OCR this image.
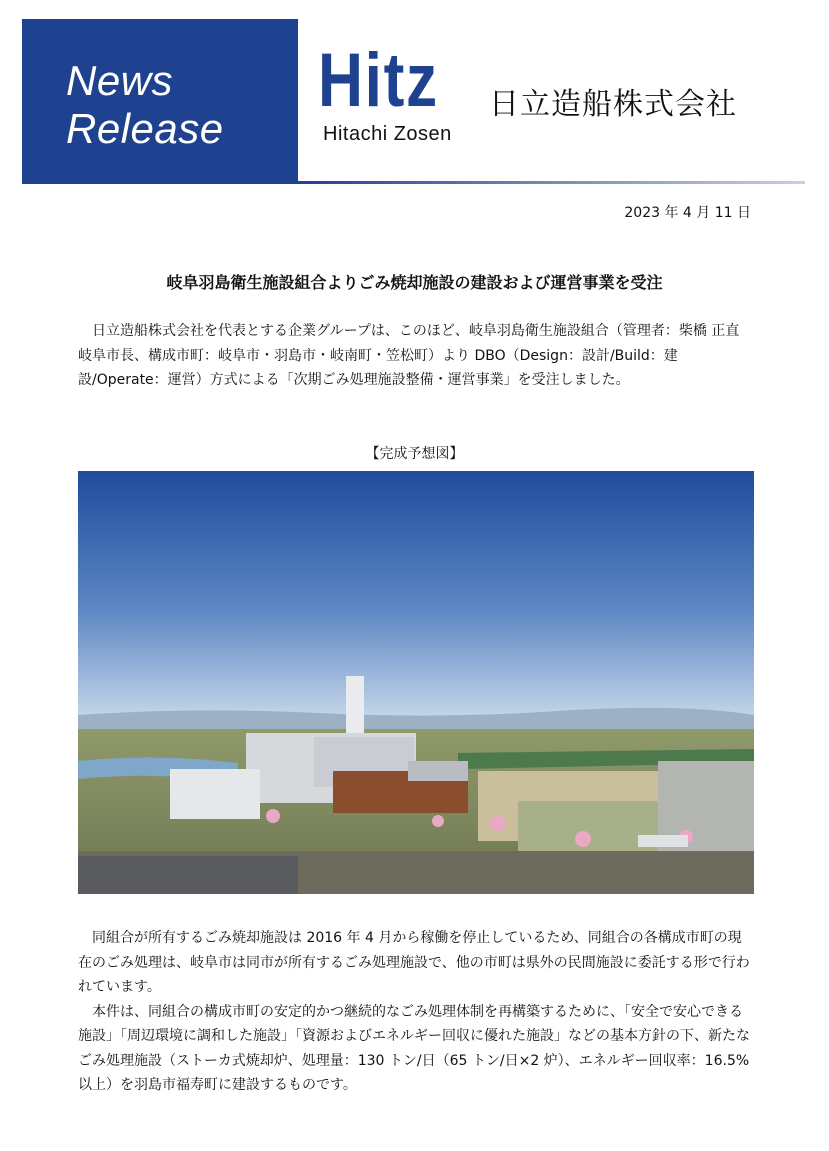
News
Release
Hitz
Hitachi Zosen
日立造船株式会社
2023 年 4 月 11 日
岐阜羽島衛生施設組合よりごみ焼却施設の建設および運営事業を受注

日立造船株式会社を代表とする企業グループは、このほど、岐阜羽島衛生施設組合（管理者：柴橋 正直 岐阜市長、構成市町：岐阜市・羽島市・岐南町・笠松町）より DBO（Design：設計/Build：建設/Operate：運営）方式による「次期ごみ処理施設整備・運営事業」を受注しました。

【完成予想図】

同組合が所有するごみ焼却施設は 2016 年 4 月から稼働を停止しているため、同組合の各構成市町の現在のごみ処理は、岐阜市は同市が所有するごみ処理施設で、他の市町は県外の民間施設に委託する形で行われています。

本件は、同組合の構成市町の安定的かつ継続的なごみ処理体制を再構築するために、「安全で安心できる施設」「周辺環境に調和した施設」「資源およびエネルギー回収に優れた施設」などの基本方針の下、新たなごみ処理施設（ストーカ式焼却炉、処理量：130 トン/日（65 トン/日×2 炉）、エネルギー回収率：16.5%以上）を羽島市福寿町に建設するものです。
